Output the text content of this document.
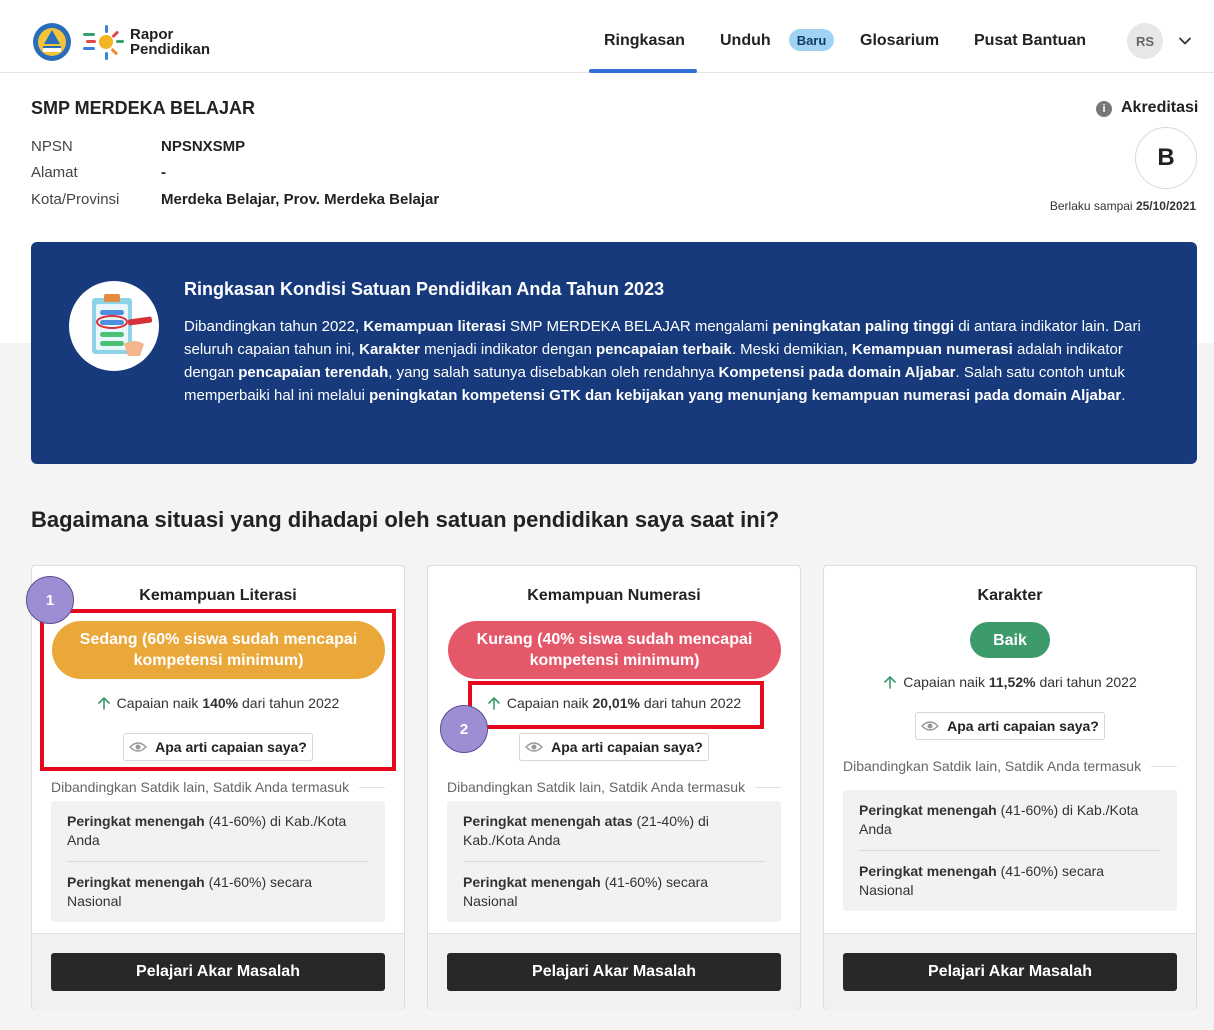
Rapor
Pendidikan
Ringkasan Unduh	Baru	Glosarium Pusat Bantuan	RS
SMP MERDEKA BELAJAR
NPSN	NPSNXSMP
Alamat	-
Kota/Provinsi	Merdeka Belajar, Prov. Merdeka Belajar
i Akreditasi
B
Berlaku sampai 25/10/2021
Ringkasan Kondisi Satuan Pendidikan Anda Tahun 2023
Dibandingkan tahun 2022, Kemampuan literasi SMP MERDEKA BELAJAR mengalami peningkatan paling tinggi di antara indikator lain. Dari seluruh capaian tahun ini, Karakter menjadi indikator dengan pencapaian terbaik. Meski demikian, Kemampuan numerasi adalah indikator dengan pencapaian terendah, yang salah satunya disebabkan oleh rendahnya Kompetensi pada domain Aljabar. Salah satu contoh untuk memperbaiki hal ini melalui peningkatan kompetensi GTK dan kebijakan yang menunjang kemampuan numerasi pada domain Aljabar.
Bagaimana situasi yang dihadapi oleh satuan pendidikan saya saat ini?
Kemampuan Literasi
Sedang (60% siswa sudah mencapai kompetensi minimum)
Capaian naik 140% dari tahun 2022
Apa arti capaian saya?
Dibandingkan Satdik lain, Satdik Anda termasuk
Peringkat menengah (41-60%) di Kab./Kota Anda
Peringkat menengah (41-60%) secara Nasional
Pelajari Akar Masalah
Kemampuan Numerasi
Kurang (40% siswa sudah mencapai kompetensi minimum)
Capaian naik 20,01% dari tahun 2022
Apa arti capaian saya?
Dibandingkan Satdik lain, Satdik Anda termasuk
Peringkat menengah atas (21-40%) di Kab./Kota Anda
Peringkat menengah (41-60%) secara Nasional
Pelajari Akar Masalah
Karakter
Baik
Capaian naik 11,52% dari tahun 2022
Apa arti capaian saya?
Dibandingkan Satdik lain, Satdik Anda termasuk
Peringkat menengah (41-60%) di Kab./Kota Anda
Peringkat menengah (41-60%) secara Nasional
Pelajari Akar Masalah
1
2
